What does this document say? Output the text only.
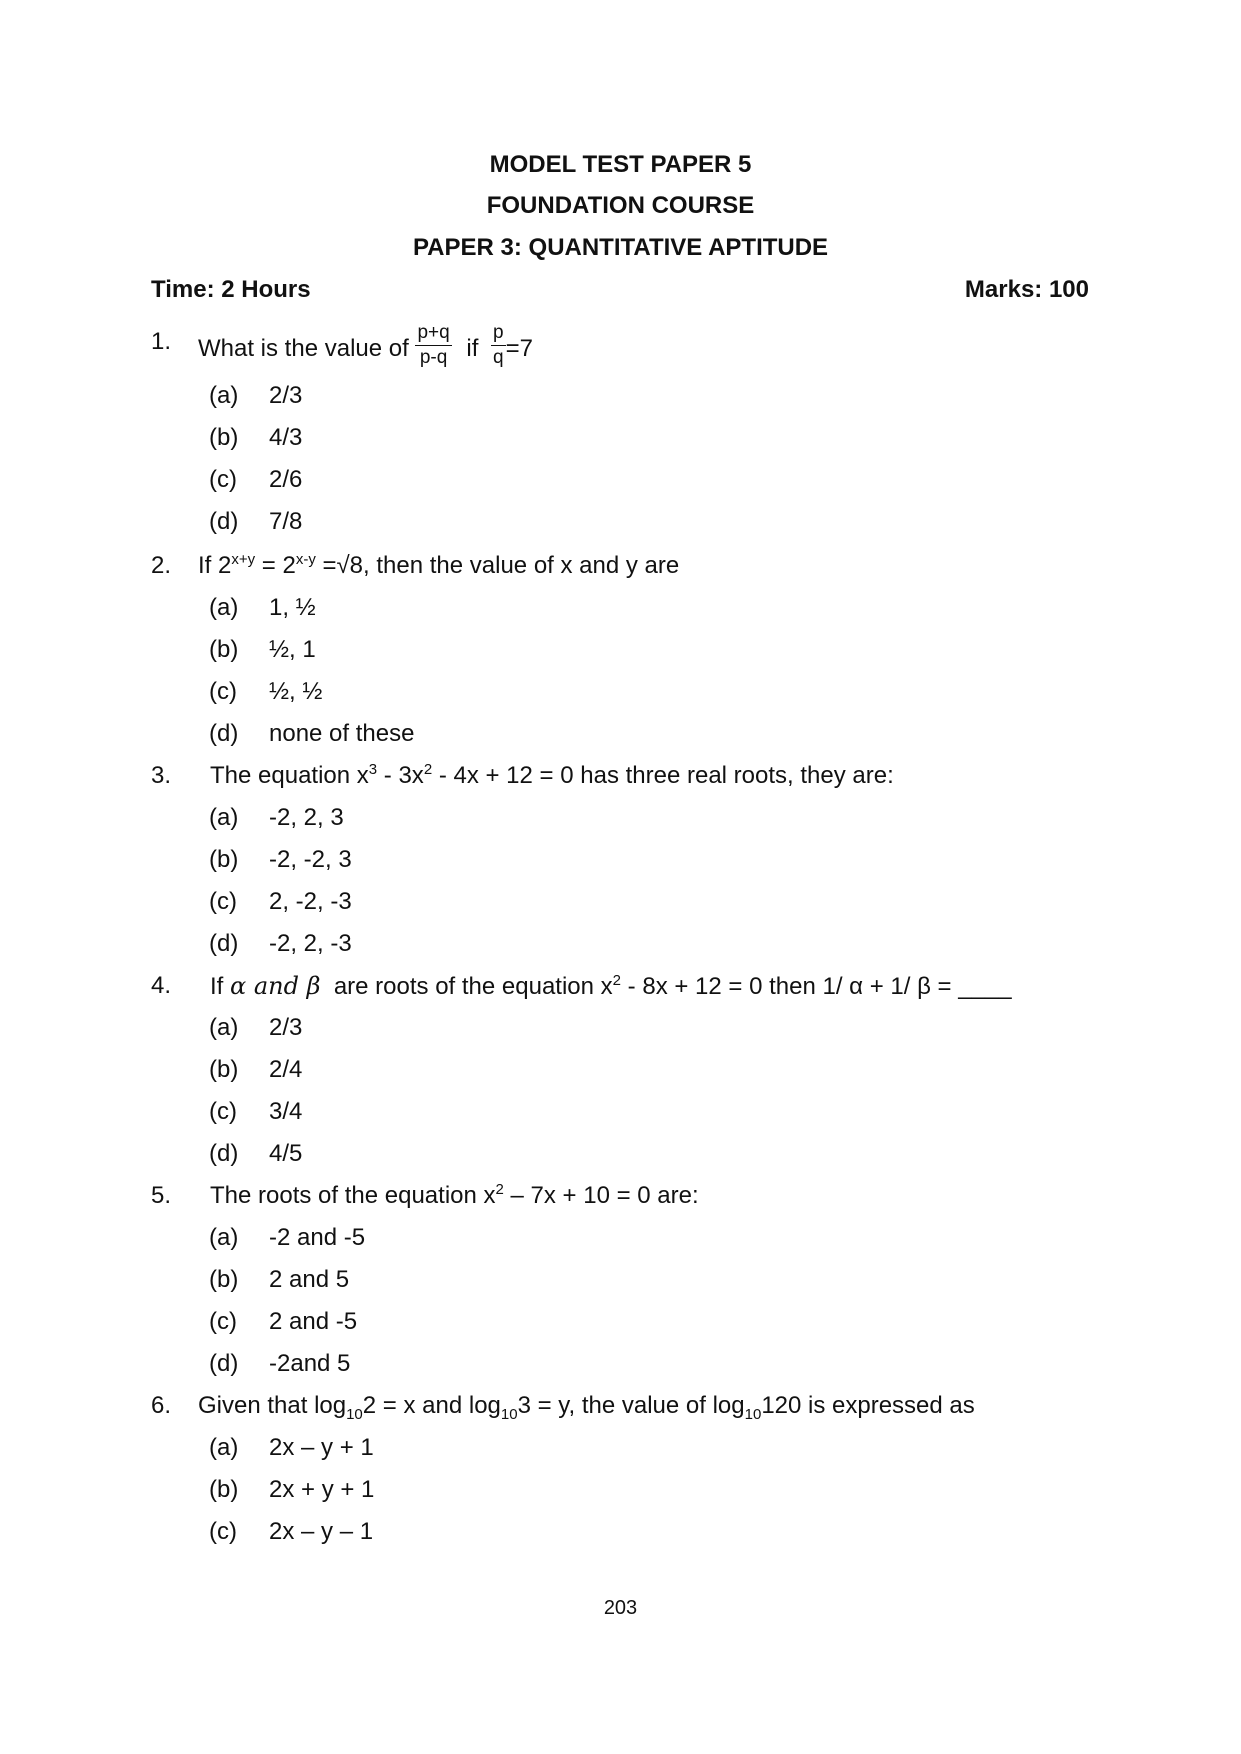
MODEL TEST PAPER 5
FOUNDATION COURSE
PAPER 3: QUANTITATIVE APTITUDE
Time: 2 Hours	Marks: 100
1. What is the value of $\frac{p+q}{p-q}$ if $\frac{p}{q} =7$
(a) 2/3
(b) 4/3
(c) 2/6
(d) 7/8
2. If $2^{x+y} = 2^{x-y} =√8$, then the value of x and y are
(a) 1, ½
(b) ½, 1
(c) ½, ½
(d) none of these
3. The equation $x^3 - 3x^2 - 4x + 12 = 0$ has three real roots, they are:
(a) -2, 2, 3
(b) -2, -2, 3
(c) 2, -2, -3
(d) -2, 2, -3
4. If α and β  are roots of the equation $x^2 - 8x + 12 = 0$ then 1/ α + 1/ β = ____
(a) 2/3
(b) 2/4
(c) 3/4
(d) 4/5
5. The roots of the equation $x^2 - 7x + 10 = 0$ are:
(a) -2 and -5
(b) 2 and 5
(c) 2 and -5
(d) -2and 5
6. Given that $\log_{10}2 = x$ and $\log_{10}3 = y$, the value of $\log_{10}120$ is expressed as
(a) 2x – y + 1
(b) 2x + y + 1
(c) 2x – y – 1
203
